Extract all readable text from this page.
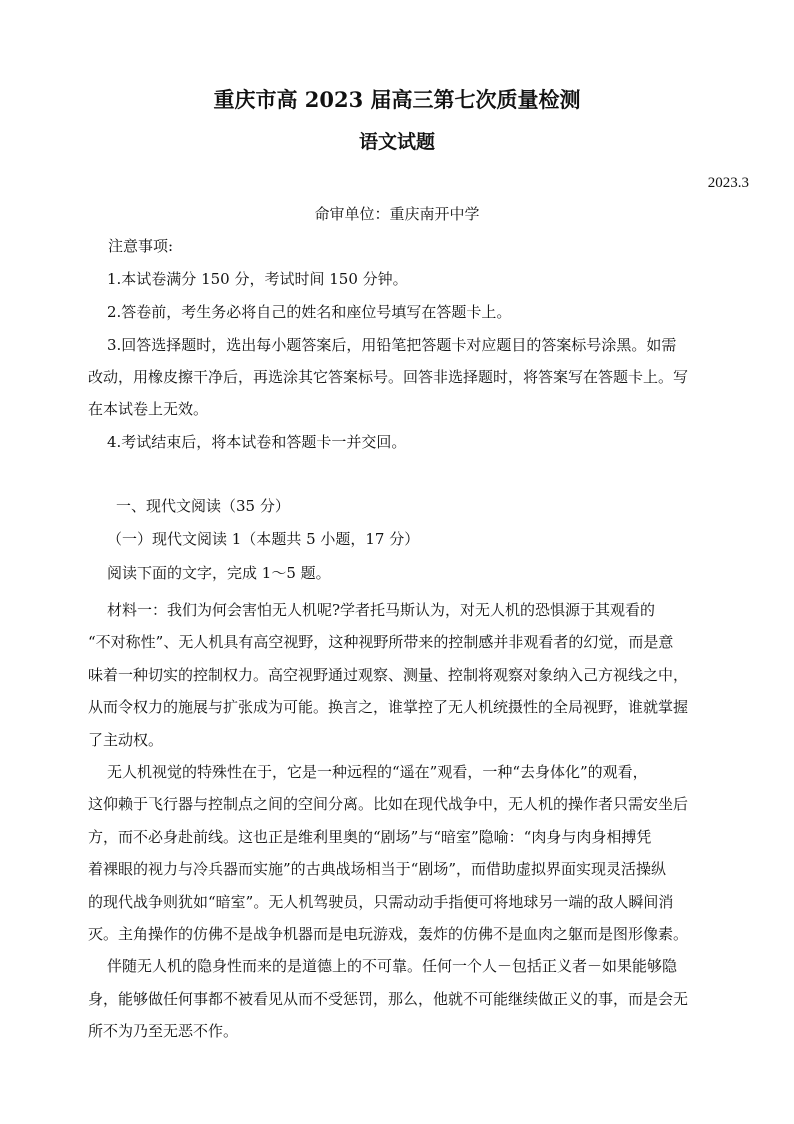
重庆市高 2023 届高三第七次质量检测
语文试题

2023.3

命审单位：重庆南开中学

注意事项:

1.本试卷满分 150 分，考试时间 150 分钟。

2.答卷前，考生务必将自己的姓名和座位号填写在答题卡上。

3.回答选择题时，选出每小题答案后，用铅笔把答题卡对应题目的答案标号涂黑。如需

改动，用橡皮擦干净后，再选涂其它答案标号。回答非选择题时，将答案写在答题卡上。写

在本试卷上无效。

4.考试结束后，将本试卷和答题卡一并交回。

一、现代文阅读（35 分）

（一）现代文阅读 1（本题共 5 小题，17 分）

阅读下面的文字，完成 1～5 题。

材料一：我们为何会害怕无人机呢?学者托马斯认为，对无人机的恐惧源于其观看的

“不对称性”、无人机具有高空视野，这种视野所带来的控制感并非观看者的幻觉，而是意

味着一种切实的控制权力。高空视野通过观察、测量、控制将观察对象纳入己方视线之中，

从而令权力的施展与扩张成为可能。换言之，谁掌控了无人机统摄性的全局视野，谁就掌握

了主动权。

无人机视觉的特殊性在于，它是一种远程的“遥在”观看，一种“去身体化”的观看，

这仰赖于飞行器与控制点之间的空间分离。比如在现代战争中，无人机的操作者只需安坐后

方，而不必身赴前线。这也正是维利里奥的“剧场”与“暗室”隐喻：“肉身与肉身相搏凭

着裸眼的视力与冷兵器而实施”的古典战场相当于“剧场”，而借助虚拟界面实现灵活操纵

的现代战争则犹如“暗室”。无人机驾驶员，只需动动手指便可将地球另一端的敌人瞬间消

灭。主角操作的仿佛不是战争机器而是电玩游戏，轰炸的仿佛不是血肉之躯而是图形像素。

伴随无人机的隐身性而来的是道德上的不可靠。任何一个人－包括正义者－如果能够隐

身，能够做任何事都不被看见从而不受惩罚，那么，他就不可能继续做正义的事，而是会无

所不为乃至无恶不作。
